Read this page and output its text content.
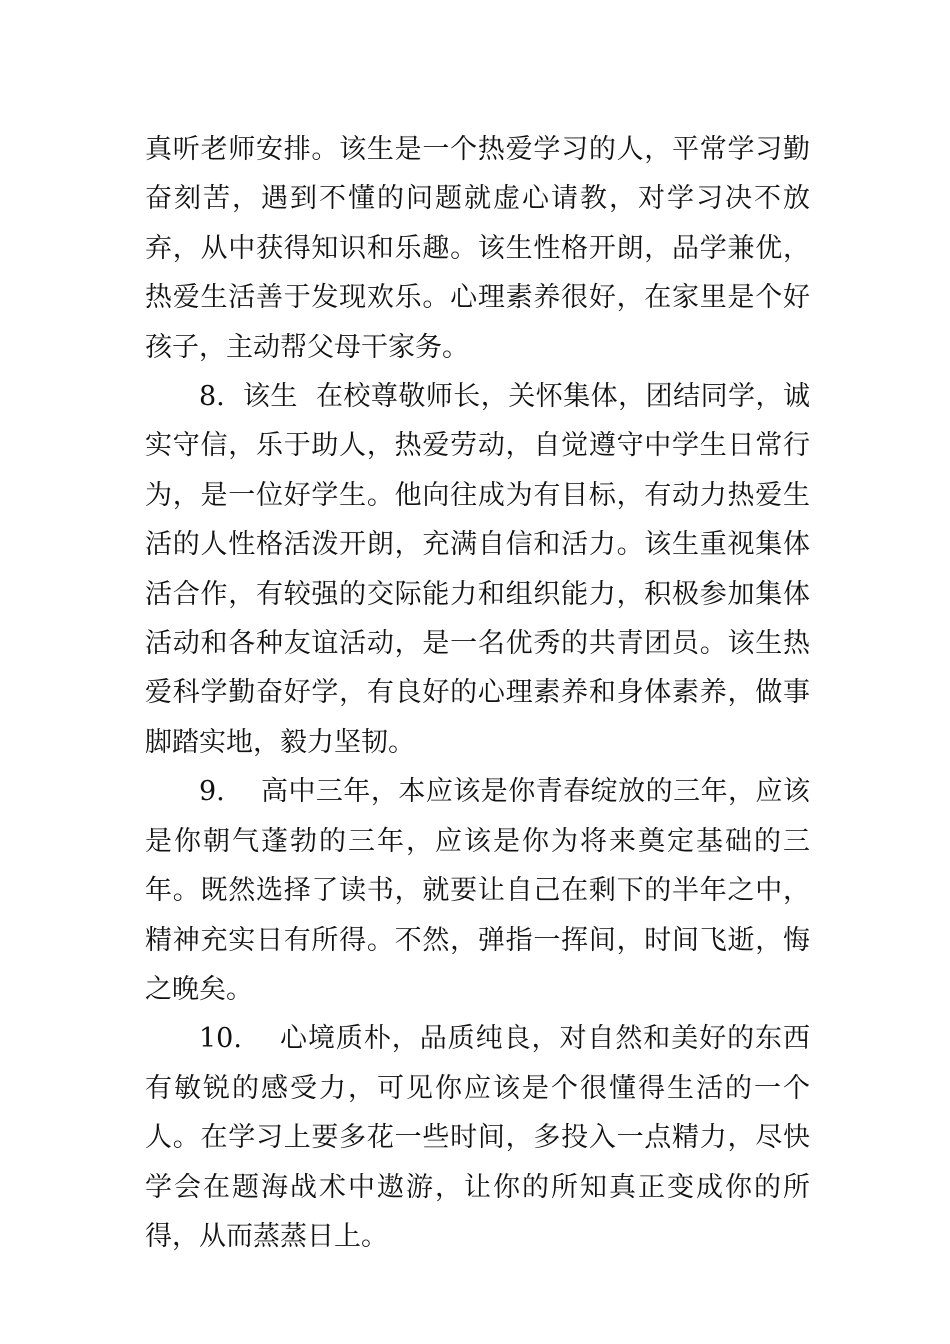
真听老师安排。该生是一个热爱学习的人，平常学习勤奋刻苦，遇到不懂的问题就虚心请教，对学习决不放弃，从中获得知识和乐趣。该生性格开朗，品学兼优，热爱生活善于发现欢乐。心理素养很好，在家里是个好孩子，主动帮父母干家务。

8.  该生  在校尊敬师长，关怀集体，团结同学，诚实守信，乐于助人，热爱劳动，自觉遵守中学生日常行为，是一位好学生。他向往成为有目标，有动力热爱生活的人性格活泼开朗，充满自信和活力。该生重视集体活合作，有较强的交际能力和组织能力，积极参加集体活动和各种友谊活动，是一名优秀的共青团员。该生热爱科学勤奋好学，有良好的心理素养和身体素养，做事脚踏实地，毅力坚韧。

9.    高中三年，本应该是你青春绽放的三年，应该是你朝气蓬勃的三年，应该是你为将来奠定基础的三年。既然选择了读书，就要让自己在剩下的半年之中，精神充实日有所得。不然，弹指一挥间，时间飞逝，悔之晚矣。

10.    心境质朴，品质纯良，对自然和美好的东西有敏锐的感受力，可见你应该是个很懂得生活的一个人。在学习上要多花一些时间，多投入一点精力，尽快学会在题海战术中遨游，让你的所知真正变成你的所得，从而蒸蒸日上。
